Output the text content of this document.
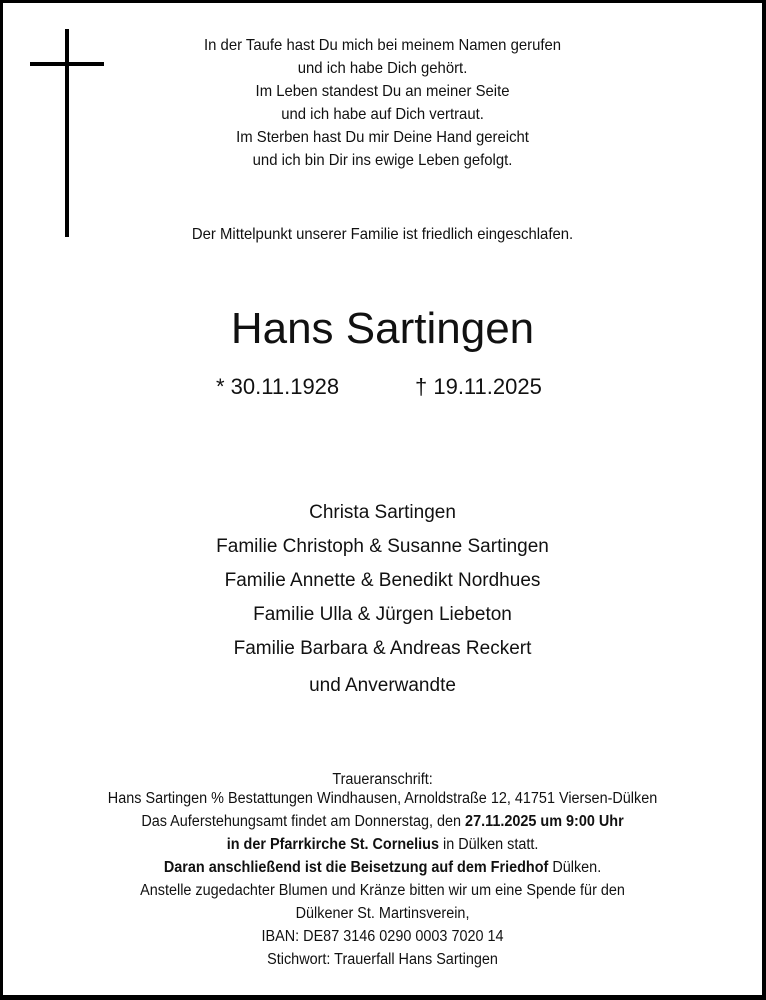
In der Taufe hast Du mich bei meinem Namen gerufen
und ich habe Dich gehört.
Im Leben standest Du an meiner Seite
und ich habe auf Dich vertraut.
Im Sterben hast Du mir Deine Hand gereicht
und ich bin Dir ins ewige Leben gefolgt.
Der Mittelpunkt unserer Familie ist friedlich eingeschlafen.
Hans Sartingen
* 30.11.1928	† 19.11.2025
Christa Sartingen
Familie Christoph & Susanne Sartingen
Familie Annette & Benedikt Nordhues
Familie Ulla & Jürgen Liebeton
Familie Barbara & Andreas Reckert
und Anverwandte
Traueranschrift:
Hans Sartingen % Bestattungen Windhausen, Arnoldstraße 12, 41751 Viersen-Dülken
Das Auferstehungsamt findet am Donnerstag, den 27.11.2025 um 9:00 Uhr
in der Pfarrkirche St. Cornelius in Dülken statt.
Daran anschließend ist die Beisetzung auf dem Friedhof Dülken.
Anstelle zugedachter Blumen und Kränze bitten wir um eine Spende für den
Dülkener St. Martinsverein,
IBAN: DE87 3146 0290 0003 7020 14
Stichwort: Trauerfall Hans Sartingen
